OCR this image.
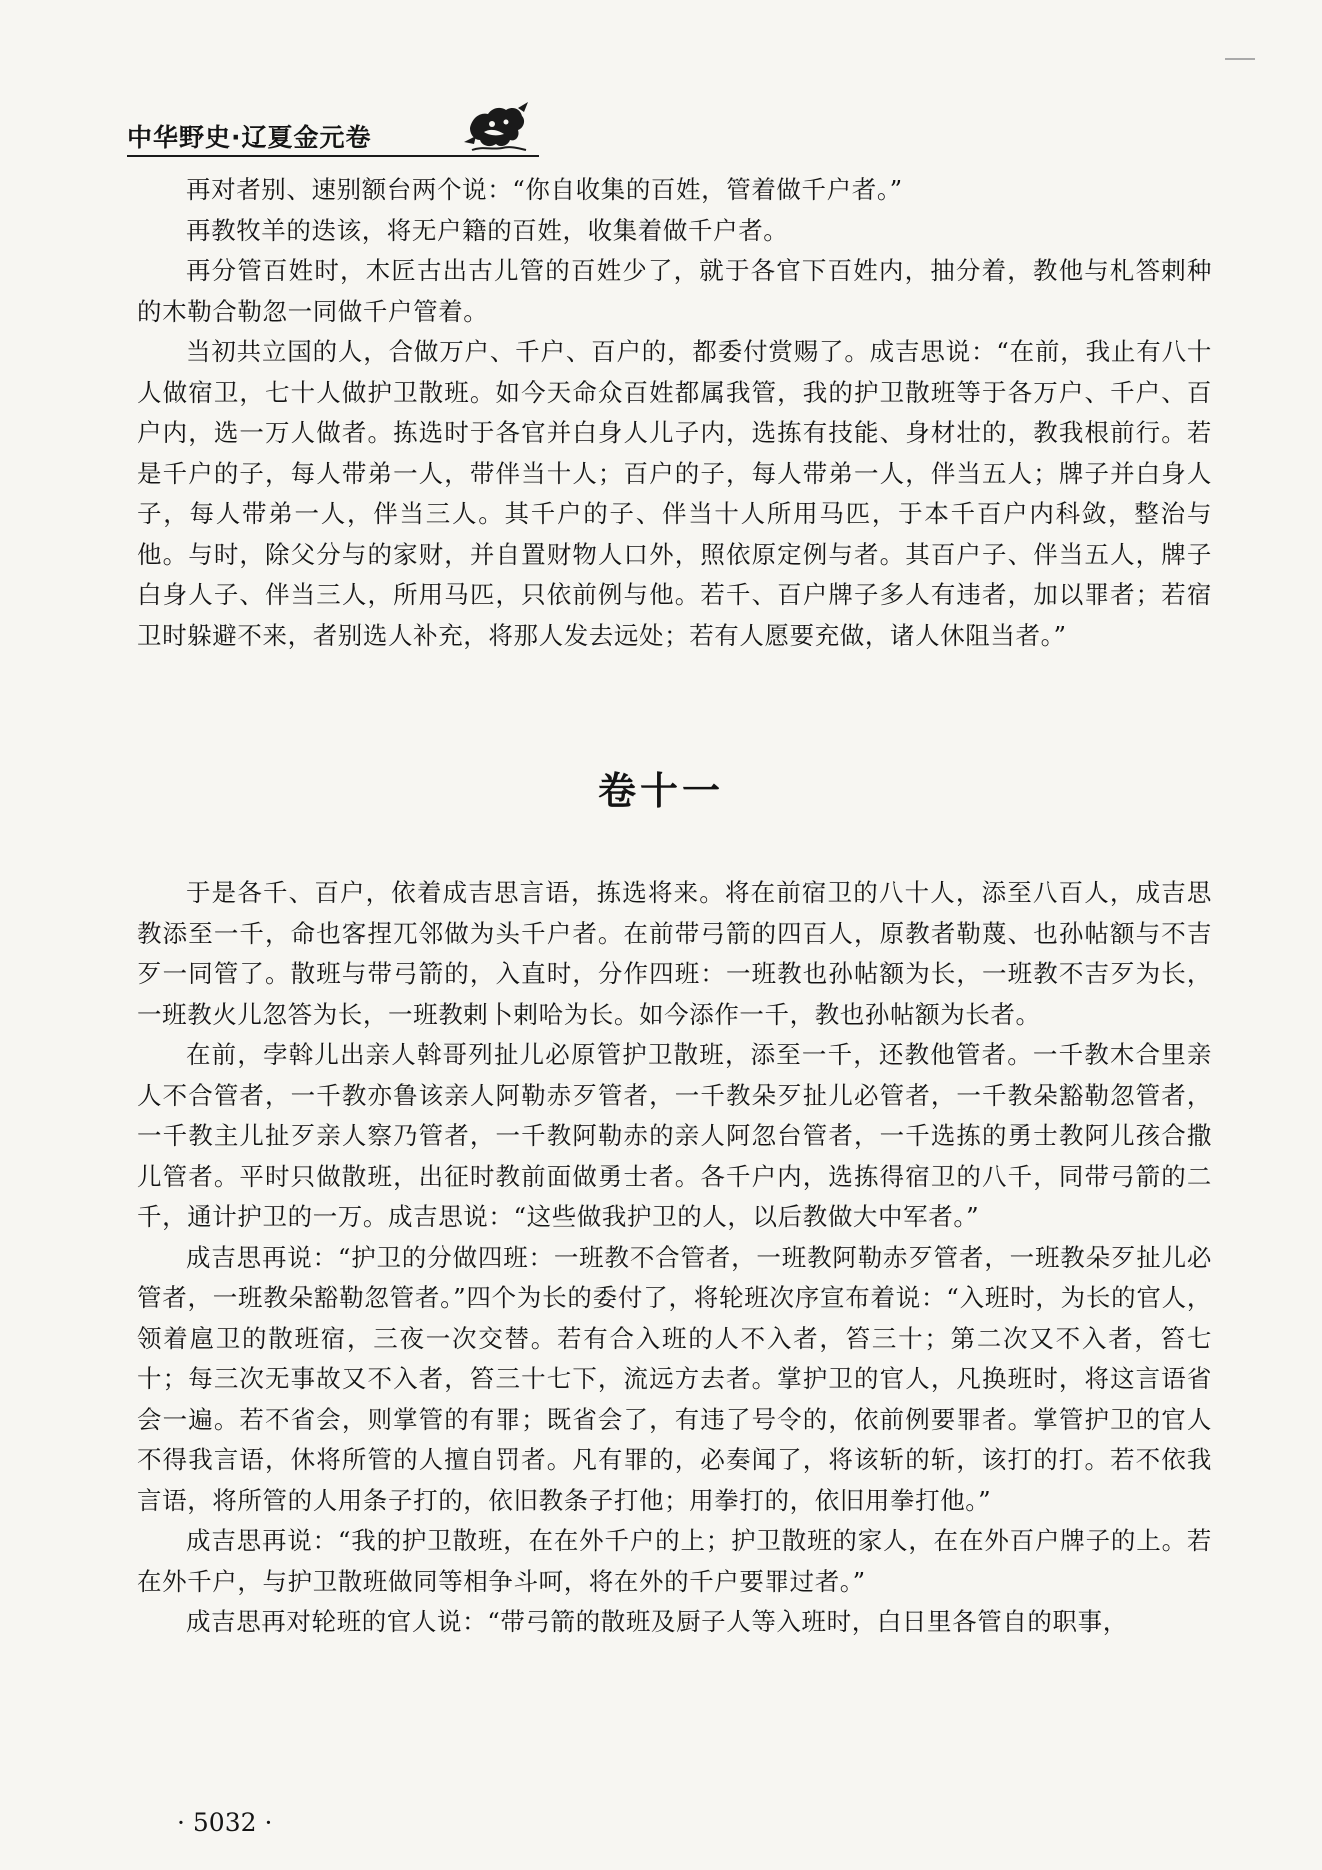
中华野史·辽夏金元卷

再对者别、速别额台两个说：“你自收集的百姓，管着做千户者。”

再教牧羊的迭该，将无户籍的百姓，收集着做千户者。

再分管百姓时，木匠古出古儿管的百姓少了，就于各官下百姓内，抽分着，教他与札答剌种的木勒合勒忽一同做千户管着。

当初共立国的人，合做万户、千户、百户的，都委付赏赐了。成吉思说：“在前，我止有八十人做宿卫，七十人做护卫散班。如今天命众百姓都属我管，我的护卫散班等于各万户、千户、百户内，选一万人做者。拣选时于各官并白身人儿子内，选拣有技能、身材壮的，教我根前行。若是千户的子，每人带弟一人，带伴当十人；百户的子，每人带弟一人，伴当五人；牌子并白身人子，每人带弟一人，伴当三人。其千户的子、伴当十人所用马匹，于本千百户内科敛，整治与他。与时，除父分与的家财，并自置财物人口外，照依原定例与者。其百户子、伴当五人，牌子白身人子、伴当三人，所用马匹，只依前例与他。若千、百户牌子多人有违者，加以罪者；若宿卫时躲避不来，者别选人补充，将那人发去远处；若有人愿要充做，诸人休阻当者。”

卷十一

于是各千、百户，依着成吉思言语，拣选将来。将在前宿卫的八十人，添至八百人，成吉思教添至一千，命也客捏兀邻做为头千户者。在前带弓箭的四百人，原教者勒蔑、也孙帖额与不吉歹一同管了。散班与带弓箭的，入直时，分作四班：一班教也孙帖额为长，一班教不吉歹为长，一班教火儿忽答为长，一班教剌卜剌哈为长。如今添作一千，教也孙帖额为长者。

在前，孛斡儿出亲人斡哥列扯儿必原管护卫散班，添至一千，还教他管者。一千教木合里亲人不合管者，一千教亦鲁该亲人阿勒赤歹管者，一千教朵歹扯儿必管者，一千教朵豁勒忽管者，一千教主儿扯歹亲人察乃管者，一千教阿勒赤的亲人阿忽台管者，一千选拣的勇士教阿儿孩合撒儿管者。平时只做散班，出征时教前面做勇士者。各千户内，选拣得宿卫的八千，同带弓箭的二千，通计护卫的一万。成吉思说：“这些做我护卫的人，以后教做大中军者。”

成吉思再说：“护卫的分做四班：一班教不合管者，一班教阿勒赤歹管者，一班教朵歹扯儿必管者，一班教朵豁勒忽管者。”四个为长的委付了，将轮班次序宣布着说：“入班时，为长的官人，领着扈卫的散班宿，三夜一次交替。若有合入班的人不入者，笞三十；第二次又不入者，笞七十；每三次无事故又不入者，笞三十七下，流远方去者。掌护卫的官人，凡换班时，将这言语省会一遍。若不省会，则掌管的有罪；既省会了，有违了号令的，依前例要罪者。掌管护卫的官人不得我言语，休将所管的人擅自罚者。凡有罪的，必奏闻了，将该斩的斩，该打的打。若不依我言语，将所管的人用条子打的，依旧教条子打他；用拳打的，依旧用拳打他。”

成吉思再说：“我的护卫散班，在在外千户的上；护卫散班的家人，在在外百户牌子的上。若在外千户，与护卫散班做同等相争斗呵，将在外的千户要罪过者。”

成吉思再对轮班的官人说：“带弓箭的散班及厨子人等入班时，白日里各管自的职事，

· 5032 ·
